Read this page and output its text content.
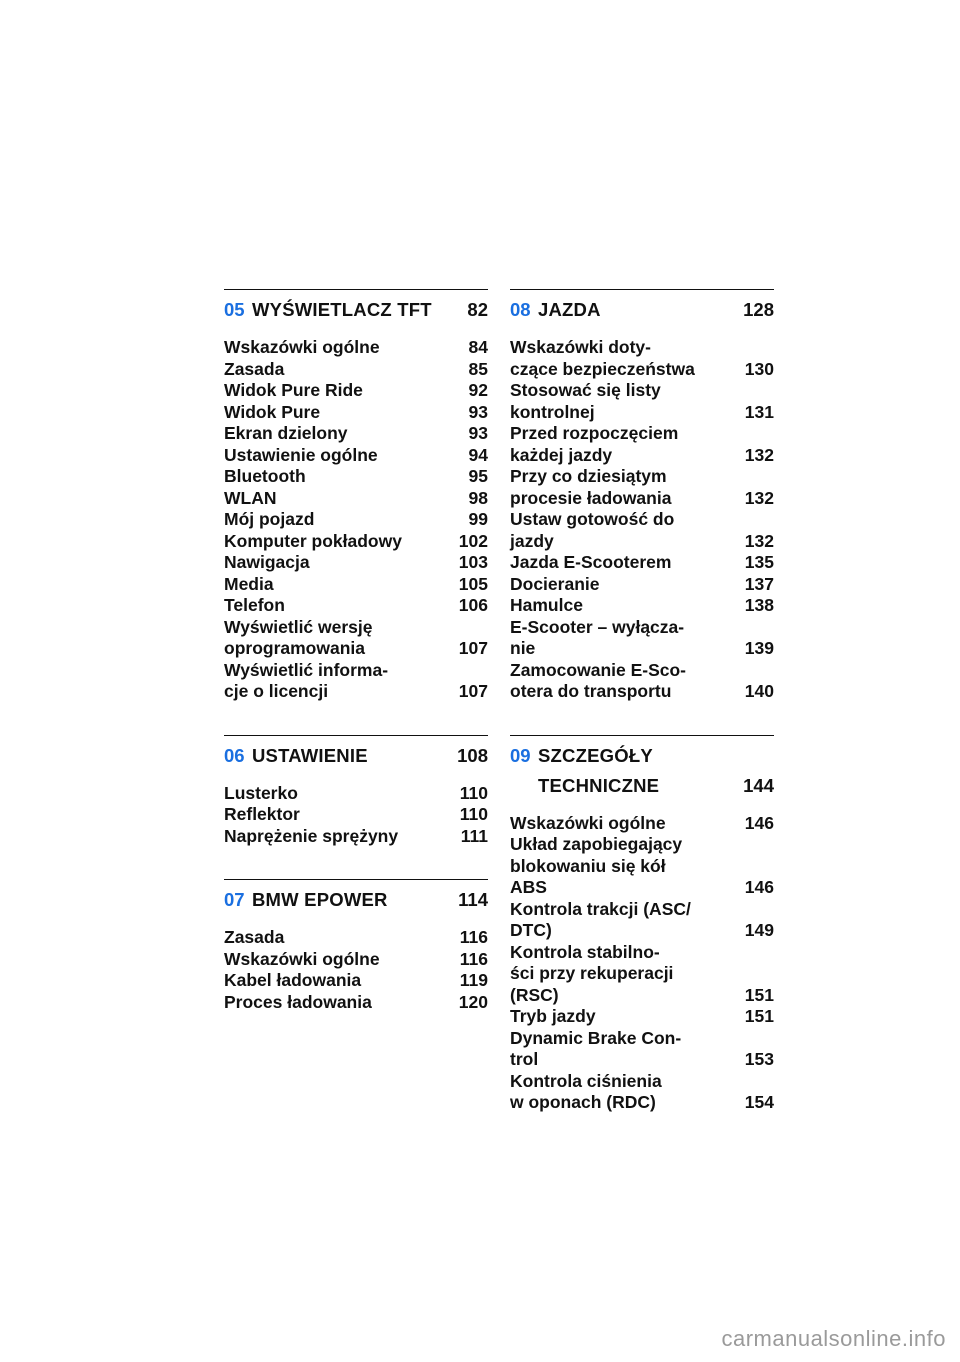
05 WYŚWIETLACZ TFT	82
Wskazówki ogólne	84
Zasada	85
Widok Pure Ride	92
Widok Pure	93
Ekran dzielony	93
Ustawienie ogólne	94
Bluetooth	95
WLAN	98
Mój pojazd	99
Komputer pokładowy	102
Nawigacja	103
Media	105
Telefon	106
Wyświetlić wersję
oprogramowania	107
Wyświetlić informa-
cje o licencji	107
06 USTAWIENIE	108
Lusterko	110
Reflektor	110
Naprężenie sprężyny	111
07 BMW EPOWER	114
Zasada	116
Wskazówki ogólne	116
Kabel ładowania	119
Proces ładowania	120
08 JAZDA	128
Wskazówki doty-
czące bezpieczeństwa	130
Stosować się listy
kontrolnej	131
Przed rozpoczęciem
każdej jazdy	132
Przy co dziesiątym
procesie ładowania	132
Ustaw gotowość do
jazdy	132
Jazda E-Scooterem	135
Docieranie	137
Hamulce	138
E-Scooter – wyłącza-
nie	139
Zamocowanie E-Sco-
otera do transportu	140
09 SZCZEGÓŁY
TECHNICZNE	144
Wskazówki ogólne	146
Układ zapobiegający
blokowaniu się kół
ABS	146
Kontrola trakcji (ASC/
DTC)	149
Kontrola stabilno-
ści przy rekuperacji
(RSC)	151
Tryb jazdy	151
Dynamic Brake Con-
trol	153
Kontrola ciśnienia
w oponach (RDC)	154
carmanualsonline.info
